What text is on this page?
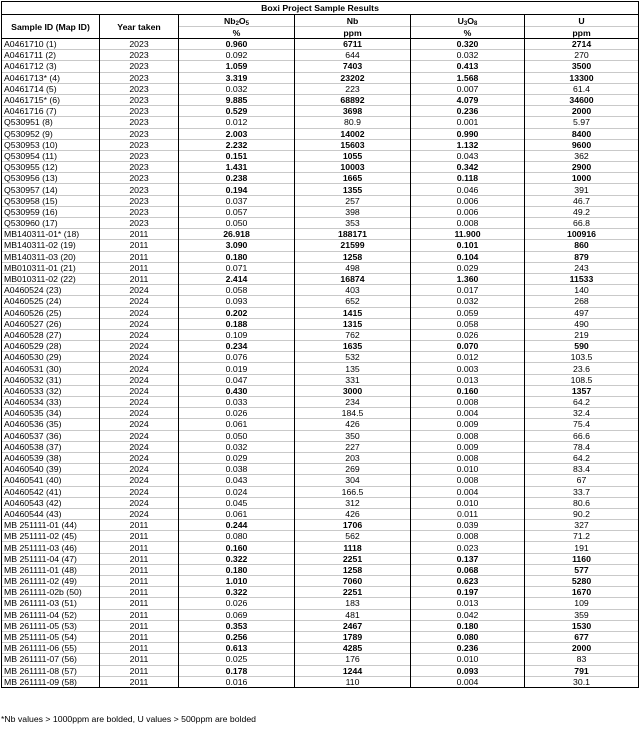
Boxi Project Sample Results					
Sample ID (Map ID)	Year taken	$Nb_2O_5$	Nb	$U_3O_8$	U
		%	ppm	%	ppm
A0461710 (1)	2023	0.960	6711	0.320	2714
A0461711 (2)	2023	0.092	644	0.032	270
A0461712 (3)	2023	1.059	7403	0.413	3500
A0461713* (4)	2023	3.319	23202	1.568	13300
A0461714 (5)	2023	0.032	223	0.007	61.4
A0461715* (6)	2023	9.885	68892	4.079	34600
A0461716 (7)	2023	0.529	3698	0.236	2000
Q530951 (8)	2023	0.012	80.9	0.001	5.97
Q530952 (9)	2023	2.003	14002	0.990	8400
Q530953 (10)	2023	2.232	15603	1.132	9600
Q530954 (11)	2023	0.151	1055	0.043	362
Q530955 (12)	2023	1.431	10003	0.342	2900
Q530956 (13)	2023	0.238	1665	0.118	1000
Q530957 (14)	2023	0.194	1355	0.046	391
Q530958 (15)	2023	0.037	257	0.006	46.7
Q530959 (16)	2023	0.057	398	0.006	49.2
Q530960 (17)	2023	0.050	353	0.008	66.8
MB140311-01* (18)	2011	26.918	188171	11.900	100916
MB140311-02 (19)	2011	3.090	21599	0.101	860
MB140311-03 (20)	2011	0.180	1258	0.104	879
MB010311-01 (21)	2011	0.071	498	0.029	243
MB010311-02 (22)	2011	2.414	16874	1.360	11533
A0460524 (23)	2024	0.058	403	0.017	140
A0460525 (24)	2024	0.093	652	0.032	268
A0460526 (25)	2024	0.202	1415	0.059	497
A0460527 (26)	2024	0.188	1315	0.058	490
A0460528 (27)	2024	0.109	762	0.026	219
A0460529 (28)	2024	0.234	1635	0.070	590
A0460530 (29)	2024	0.076	532	0.012	103.5
A0460531 (30)	2024	0.019	135	0.003	23.6
A0460532 (31)	2024	0.047	331	0.013	108.5
A0460533 (32)	2024	0.430	3000	0.160	1357
A0460534 (33)	2024	0.033	234	0.008	64.2
A0460535 (34)	2024	0.026	184.5	0.004	32.4
A0460536 (35)	2024	0.061	426	0.009	75.4
A0460537 (36)	2024	0.050	350	0.008	66.6
A0460538 (37)	2024	0.032	227	0.009	78.4
A0460539 (38)	2024	0.029	203	0.008	64.2
A0460540 (39)	2024	0.038	269	0.010	83.4
A0460541 (40)	2024	0.043	304	0.008	67
A0460542 (41)	2024	0.024	166.5	0.004	33.7
A0460543 (42)	2024	0.045	312	0.010	80.6
A0460544 (43)	2024	0.061	426	0.011	90.2
MB 251111-01 (44)	2011	0.244	1706	0.039	327
MB 251111-02 (45)	2011	0.080	562	0.008	71.2
MB 251111-03 (46)	2011	0.160	1118	0.023	191
MB 251111-04 (47)	2011	0.322	2251	0.137	1160
MB 261111-01 (48)	2011	0.180	1258	0.068	577
MB 261111-02 (49)	2011	1.010	7060	0.623	5280
MB 261111-02b (50)	2011	0.322	2251	0.197	1670
MB 261111-03 (51)	2011	0.026	183	0.013	109
MB 261111-04 (52)	2011	0.069	481	0.042	359
MB 261111-05 (53)	2011	0.353	2467	0.180	1530
MB 251111-05 (54)	2011	0.256	1789	0.080	677
MB 261111-06 (55)	2011	0.613	4285	0.236	2000
MB 261111-07 (56)	2011	0.025	176	0.010	83
MB 261111-08 (57)	2011	0.178	1244	0.093	791
MB 261111-09 (58)	2011	0.016	110	0.004	30.1
*Nb values > 1000ppm are bolded, U values > 500ppm are bolded
